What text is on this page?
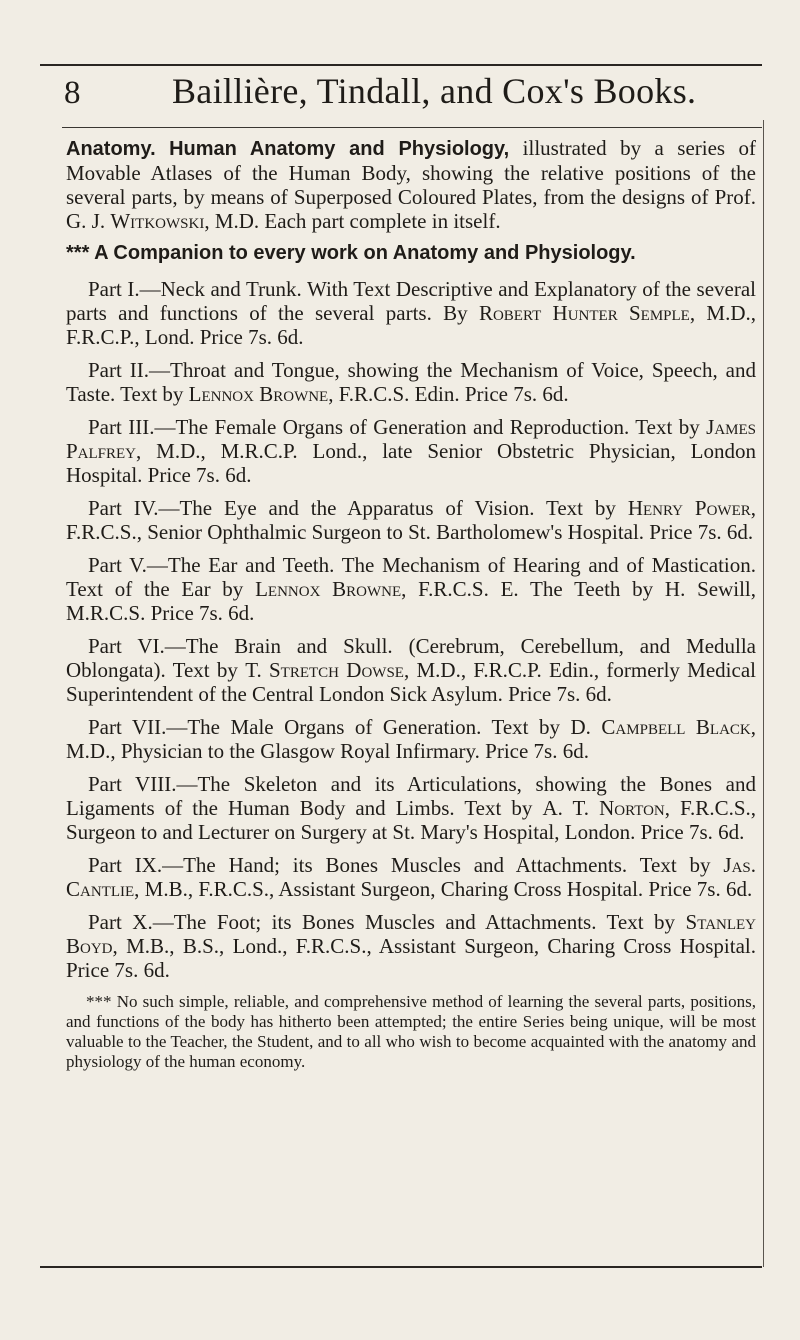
8	Baillière, Tindall, and Cox's Books.

Anatomy. Human Anatomy and Physiology, illustrated by a series of Movable Atlases of the Human Body, showing the relative positions of the several parts, by means of Superposed Coloured Plates, from the designs of Prof. G. J. Witkowski, M.D. Each part complete in itself.

*** A Companion to every work on Anatomy and Physiology.

Part I.—Neck and Trunk. With Text Descriptive and Explanatory of the several parts and functions of the several parts. By Robert Hunter Semple, M.D., F.R.C.P., Lond. Price 7s. 6d.

Part II.—Throat and Tongue, showing the Mechanism of Voice, Speech, and Taste. Text by Lennox Browne, F.R.C.S. Edin. Price 7s. 6d.

Part III.—The Female Organs of Generation and Reproduction. Text by James Palfrey, M.D., M.R.C.P. Lond., late Senior Obstetric Physician, London Hospital. Price 7s. 6d.

Part IV.—The Eye and the Apparatus of Vision. Text by Henry Power, F.R.C.S., Senior Ophthalmic Surgeon to St. Bartholomew's Hospital. Price 7s. 6d.

Part V.—The Ear and Teeth. The Mechanism of Hearing and of Mastication. Text of the Ear by Lennox Browne, F.R.C.S. E. The Teeth by H. Sewill, M.R.C.S. Price 7s. 6d.

Part VI.—The Brain and Skull. (Cerebrum, Cerebellum, and Medulla Oblongata). Text by T. Stretch Dowse, M.D., F.R.C.P. Edin., formerly Medical Superintendent of the Central London Sick Asylum. Price 7s. 6d.

Part VII.—The Male Organs of Generation. Text by D. Campbell Black, M.D., Physician to the Glasgow Royal Infirmary. Price 7s. 6d.

Part VIII.—The Skeleton and its Articulations, showing the Bones and Ligaments of the Human Body and Limbs. Text by A. T. Norton, F.R.C.S., Surgeon to and Lecturer on Surgery at St. Mary's Hospital, London. Price 7s. 6d.

Part IX.—The Hand; its Bones Muscles and Attachments. Text by Jas. Cantlie, M.B., F.R.C.S., Assistant Surgeon, Charing Cross Hospital. Price 7s. 6d.

Part X.—The Foot; its Bones Muscles and Attachments. Text by Stanley Boyd, M.B., B.S., Lond., F.R.C.S., Assistant Surgeon, Charing Cross Hospital. Price 7s. 6d.

*** No such simple, reliable, and comprehensive method of learning the several parts, positions, and functions of the body has hitherto been attempted; the entire Series being unique, will be most valuable to the Teacher, the Student, and to all who wish to become acquainted with the anatomy and physiology of the human economy.
